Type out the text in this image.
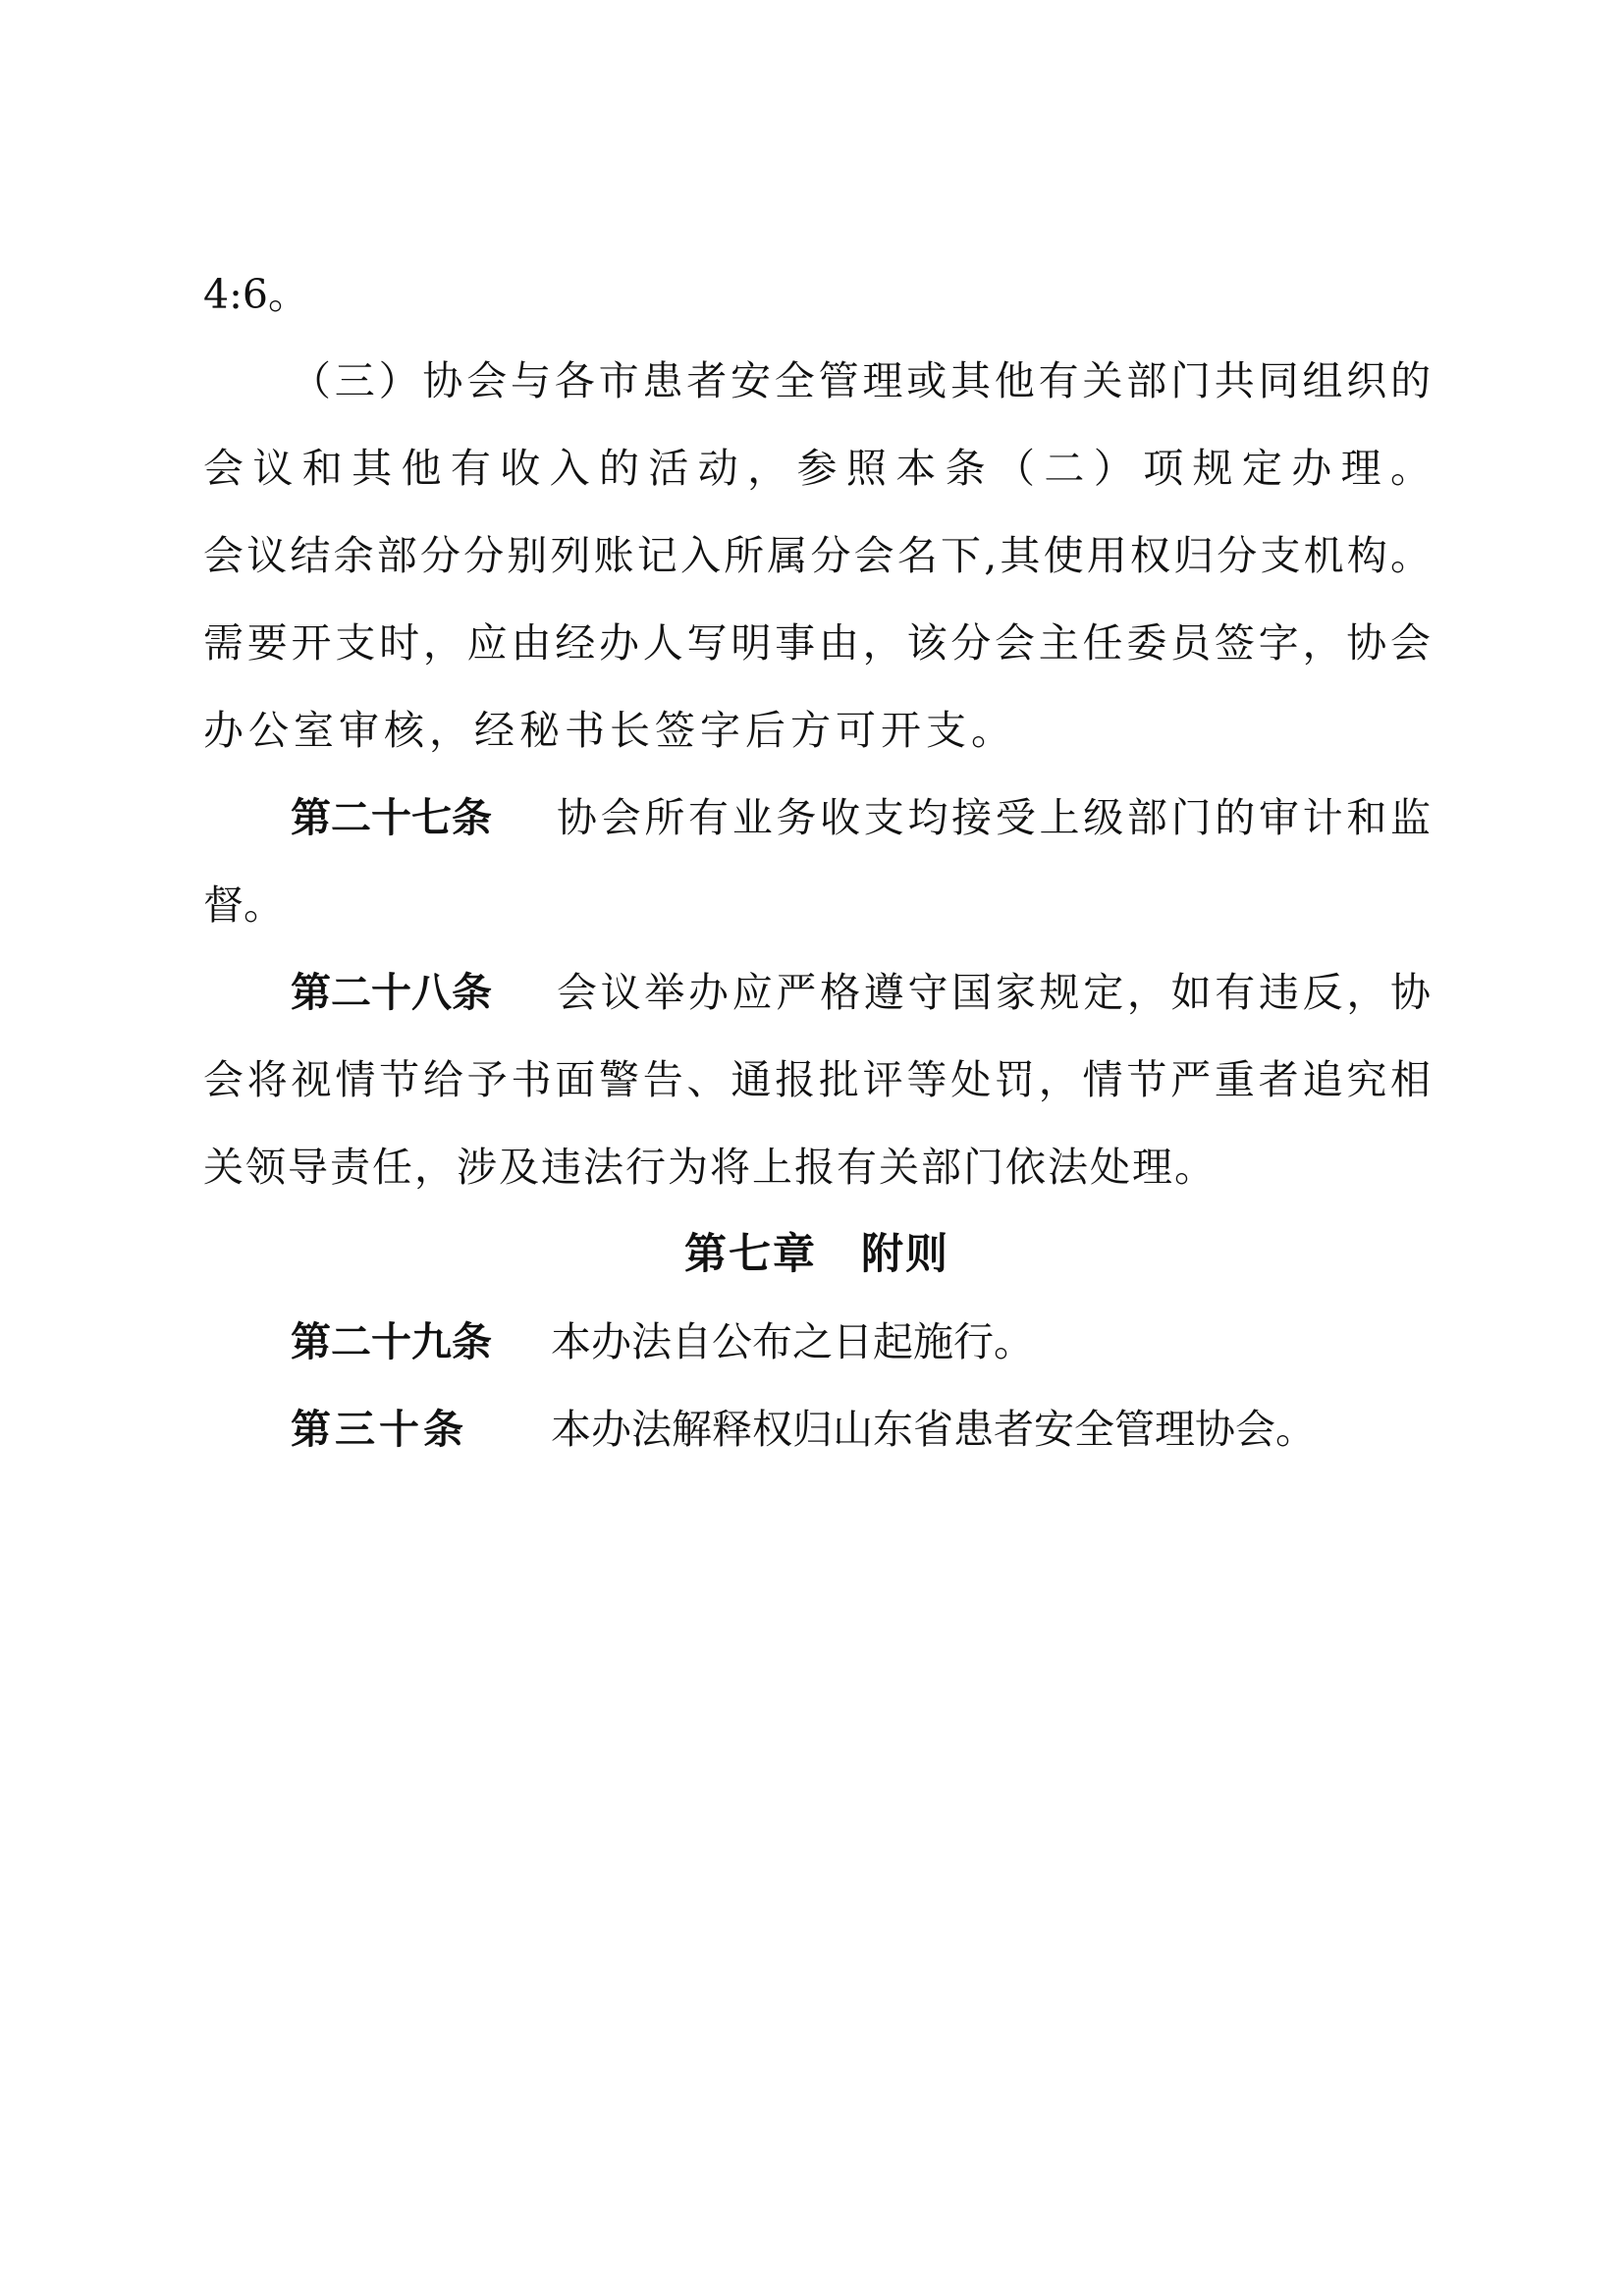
4:6。

（三）协会与各市患者安全管理或其他有关部门共同组织的

会议和其他有收入的活动，参照本条（二）项规定办理。

会议结余部分分别列账记入所属分会名下,其使用权归分支机构。

需要开支时，应由经办人写明事由，该分会主任委员签字，协会

办公室审核，经秘书长签字后方可开支。

第二十七条 协会所有业务收支均接受上级部门的审计和监

督。

第二十八条 会议举办应严格遵守国家规定，如有违反，协

会将视情节给予书面警告、通报批评等处罚，情节严重者追究相

关领导责任，涉及违法行为将上报有关部门依法处理。

第七章　附则
第二十九条 本办法自公布之日起施行。
第三十条 本办法解释权归山东省患者安全管理协会。
